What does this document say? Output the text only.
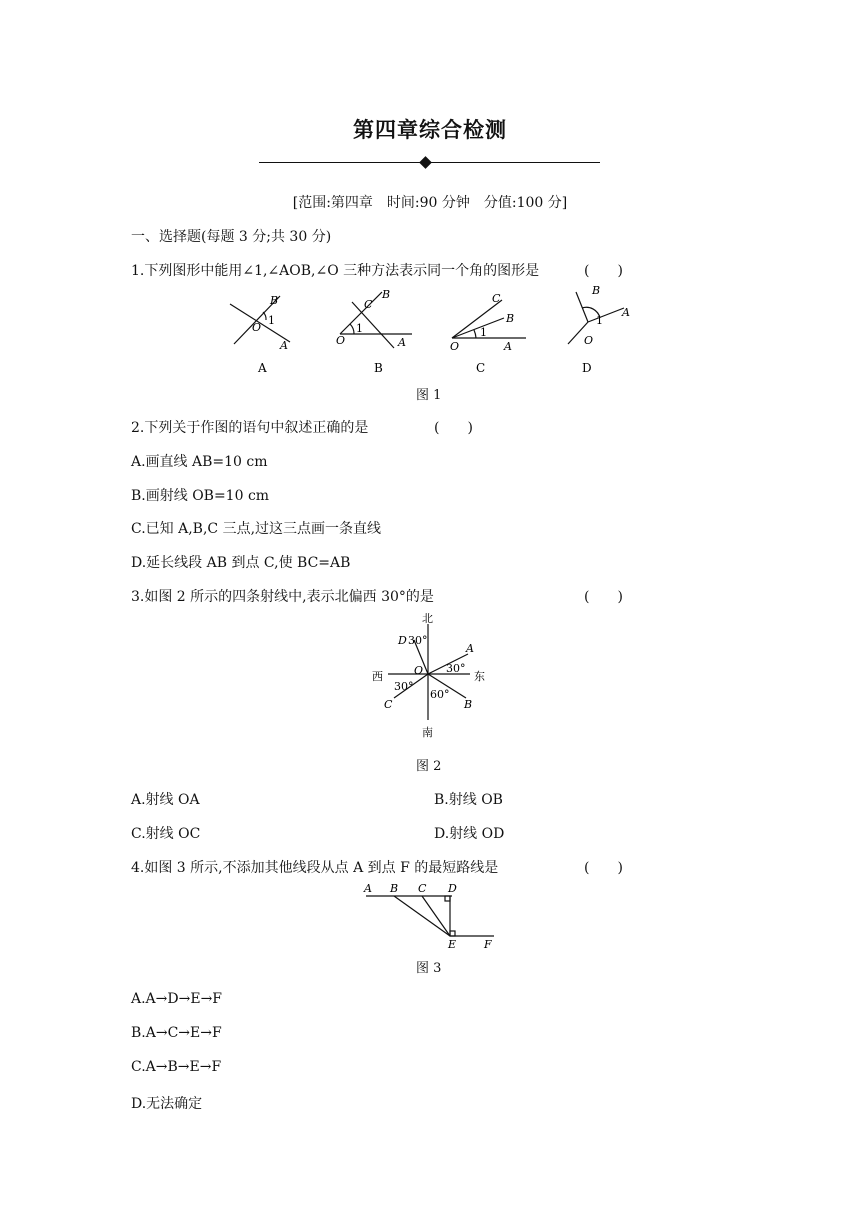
第四章综合检测
[范围:第四章　时间:90 分钟　分值:100 分]
一、选择题(每题 3 分;共 30 分)
1.下列图形中能用∠1,∠AOB,∠O 三种方法表示同一个角的图形是	(　　)
B
O
1
A
B
C
1
O	A
C
B
1
O	A
B
1
A
O
A	B	C	D
图 1
2.下列关于作图的语句中叙述正确的是	(　　)
A.画直线 AB=10 cm
B.画射线 OB=10 cm
C.已知 A,B,C 三点,过这三点画一条直线
D.延长线段 AB 到点 C,使 BC=AB
3.如图 2 所示的四条射线中,表示北偏西 30°的是	(　　)
北
南
东
西	O
A
B
C
D 30°
30°
30°
60°
图 2
A.射线 OA	B.射线 OB
C.射线 OC	D.射线 OD
4.如图 3 所示,不添加其他线段从点 A 到点 F 的最短路线是	(　　)
A B C D
E	F
图 3
A.A→D→E→F
B.A→C→E→F
C.A→B→E→F
D.无法确定
